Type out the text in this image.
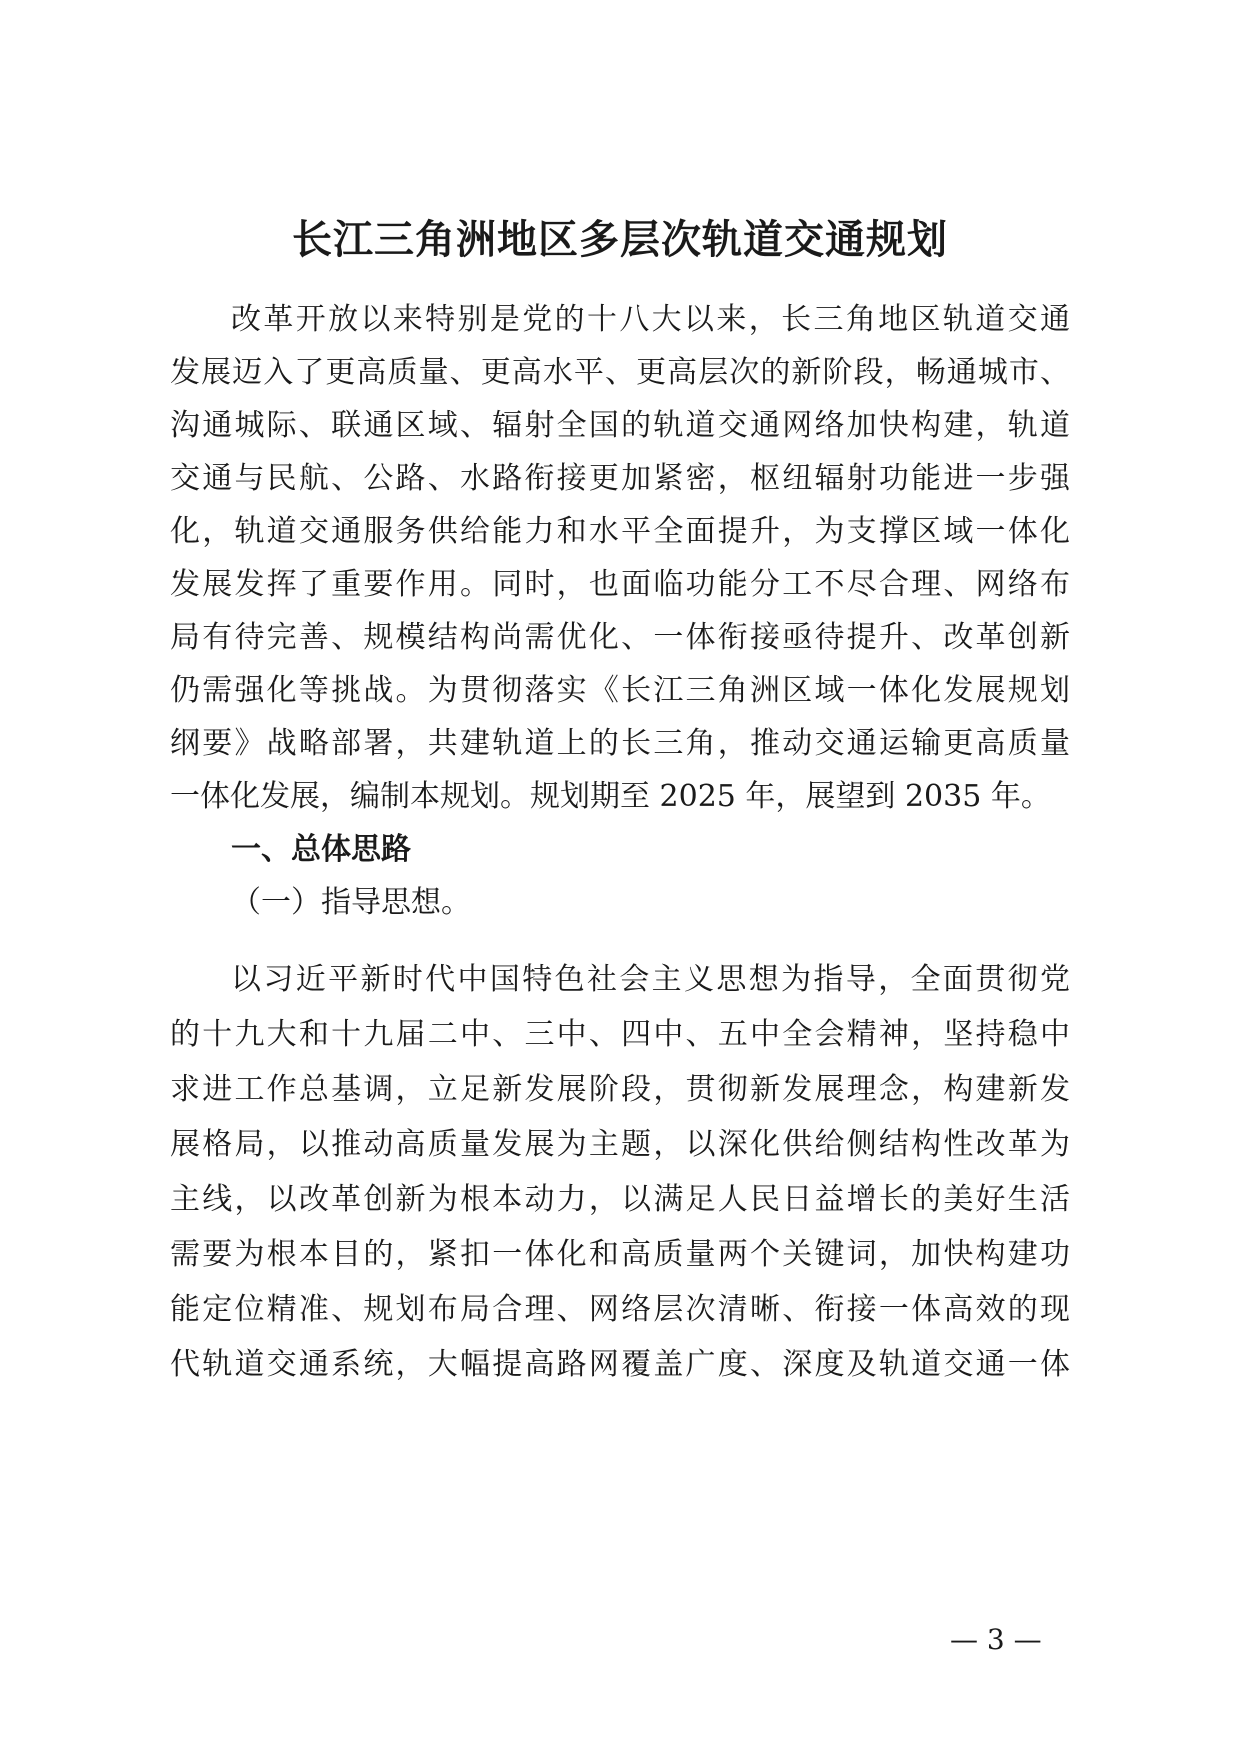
长江三角洲地区多层次轨道交通规划

改革开放以来特别是党的十八大以来，长三角地区轨道交通

发展迈入了更高质量、更高水平、更高层次的新阶段，畅通城市、

沟通城际、联通区域、辐射全国的轨道交通网络加快构建，轨道

交通与民航、公路、水路衔接更加紧密，枢纽辐射功能进一步强

化，轨道交通服务供给能力和水平全面提升，为支撑区域一体化

发展发挥了重要作用。同时，也面临功能分工不尽合理、网络布

局有待完善、规模结构尚需优化、一体衔接亟待提升、改革创新

仍需强化等挑战。为贯彻落实《长江三角洲区域一体化发展规划

纲要》战略部署，共建轨道上的长三角，推动交通运输更高质量

一体化发展，编制本规划。规划期至 2025 年，展望到 2035 年。

一、总体思路

（一）指导思想。

以习近平新时代中国特色社会主义思想为指导，全面贯彻党

的十九大和十九届二中、三中、四中、五中全会精神，坚持稳中

求进工作总基调，立足新发展阶段，贯彻新发展理念，构建新发

展格局，以推动高质量发展为主题，以深化供给侧结构性改革为

主线，以改革创新为根本动力，以满足人民日益增长的美好生活

需要为根本目的，紧扣一体化和高质量两个关键词，加快构建功

能定位精准、规划布局合理、网络层次清晰、衔接一体高效的现

代轨道交通系统，大幅提高路网覆盖广度、深度及轨道交通一体

— 3 —
